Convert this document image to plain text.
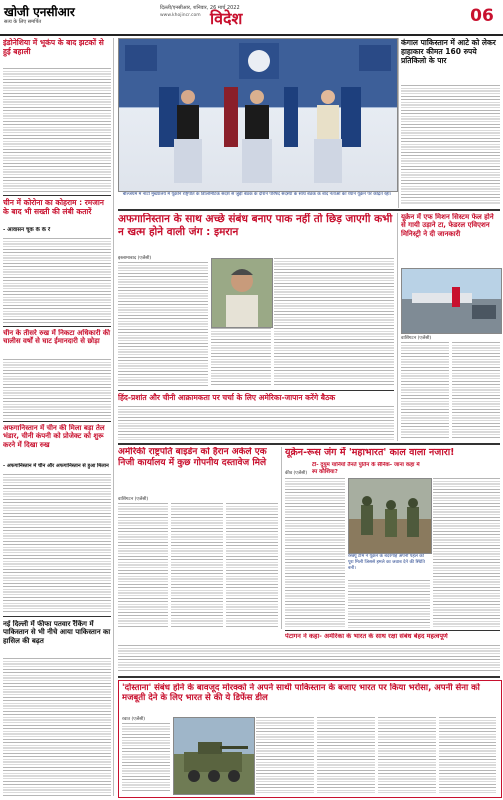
खोजी एनसीआर
सत्य के लिए समर्पित
दिल्ली/एनसीआर, शनिवार, 26 मार्च 2022
www.khojincr.com विदेश	06
इंडोनेशिया में भूकंप के बाद झटकों से हुई बहाली
चीन में कोरोना का कोहराम : रमजान के बाद भी सख्ती की लंबी कतारें
- आवासन चूक के के रे
चीन के तीसरे रुख में निकटा अधिकारी की चालीस वर्षों से घाट ईमानदारी से छोड़ा
अफगानिस्तान में चीन की मिला बड़ा तेल भंडार, चीनी कंपनी को प्रोजेक्ट को शुरू करने में दिखा रुख
- अफगानिस्तान में चीन और अफगानिस्तान से हुआ मिलान
नई दिल्ली में फीफा पतवार रैंकिंग में पाकिस्तान से भी नीचे आया पाकिस्तान का हासिल की बढ़त
बेल्जियम में नाटो मुख्यालय में यूक्रेनि राष्ट्रपति के डिप्लोमैटिक संदेश से जुड़ी बैठक के दौरान परिषद सदस्यों के साथ बैठक के बाद नेताओं का ध्यान यूक्रेन पर केंद्रित रहा।
कंगाल पाकिस्तान में आटे को लेकर हाहाकार कीमत 160 रुपये प्रतिकिलो के पार
अफगानिस्तान के साथ अच्छे संबंध बनाए पाक नहीं तो छिड़ जाएगी कभी न खत्म होने वाली जंग : इमरान
इस्लामाबाद (एजेंसी)
हिंद-प्रशांत और चीनी आक्रामकता पर चर्चा के लिए अमेरिका-जापान करेंगे बैठक
यूक्रेन में एफ मिशन सिस्टम फेल होने से गायी उड़ाने टा, फेडरल एविएशन मिनिस्ट्री ने दी जानकारी
वाशिंगटन (एजेंसी)
अमेरिकी राष्ट्रपति बाइडेन को हैरान अकेले एक निजी कार्यालय में कुछ गोपनीय दस्तावेज मिले
वाशिंगटन (एजेंसी)
यूक्रेन-रूस जंग में 'महाभारत' काल वाला नजारा!
टी- दुयुम यानियों तैनते पुतिन के सैनिक- जाना कहा में स्प कौशिया?
कीव (एजेंसी)
रेस्क्यू टीम ने यूक्रेन के बंदरगाह अपनी पहल को पूरा मिली जिससे हमले का जवाब देने की स्थिति बनी।
पेंटागन ने कहा- अमेरिका के भारत के साथ रक्षा संबंध बेहद महत्वपूर्ण
'दोस्ताना' संबंध होने के बावजूद मोरक्को ने अपने साथी पाकिस्तान के बजाए भारत पर किया भरोसा, अपनी सेना को मजबूती देने के लिए भारत से की ये डिफेंस डील
रवात (एजेंसी)
